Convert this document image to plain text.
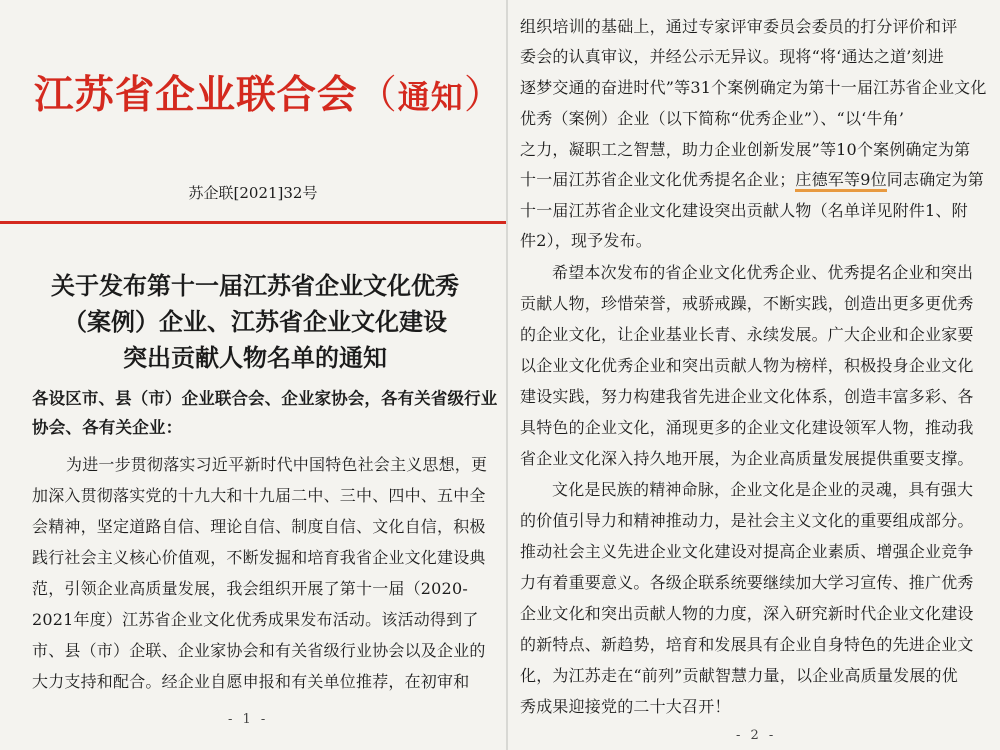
江苏省企业联合会（通知）
苏企联[2021]32号
关于发布第十一届江苏省企业文化优秀
（案例）企业、江苏省企业文化建设
突出贡献人物名单的通知
各设区市、县（市）企业联合会、企业家协会，各有关省级行业
协会、各有关企业：
为进一步贯彻落实习近平新时代中国特色社会主义思想，更
加深入贯彻落实党的十九大和十九届二中、三中、四中、五中全
会精神，坚定道路自信、理论自信、制度自信、文化自信，积极
践行社会主义核心价值观，不断发掘和培育我省企业文化建设典
范，引领企业高质量发展，我会组织开展了第十一届（2020-
2021年度）江苏省企业文化优秀成果发布活动。该活动得到了
市、县（市）企联、企业家协会和有关省级行业协会以及企业的
大力支持和配合。经企业自愿申报和有关单位推荐，在初审和
- 1 -
组织培训的基础上，通过专家评审委员会委员的打分评价和评
委会的认真审议，并经公示无异议。现将“将‘通达之道’刻进
逐梦交通的奋进时代”等31个案例确定为第十一届江苏省企业文化
优秀（案例）企业（以下简称“优秀企业”）、“以‘牛角’
之力，凝职工之智慧，助力企业创新发展”等10个案例确定为第
十一届江苏省企业文化优秀提名企业；庄德军等9位同志确定为第
十一届江苏省企业文化建设突出贡献人物（名单详见附件1、附
件2），现予发布。
希望本次发布的省企业文化优秀企业、优秀提名企业和突出
贡献人物，珍惜荣誉，戒骄戒躁，不断实践，创造出更多更优秀
的企业文化，让企业基业长青、永续发展。广大企业和企业家要
以企业文化优秀企业和突出贡献人物为榜样，积极投身企业文化
建设实践，努力构建我省先进企业文化体系，创造丰富多彩、各
具特色的企业文化，涌现更多的企业文化建设领军人物，推动我
省企业文化深入持久地开展，为企业高质量发展提供重要支撑。
文化是民族的精神命脉，企业文化是企业的灵魂，具有强大
的价值引导力和精神推动力，是社会主义文化的重要组成部分。
推动社会主义先进企业文化建设对提高企业素质、增强企业竞争
力有着重要意义。各级企联系统要继续加大学习宣传、推广优秀
企业文化和突出贡献人物的力度，深入研究新时代企业文化建设
的新特点、新趋势，培育和发展具有企业自身特色的先进企业文
化，为江苏走在“前列”贡献智慧力量，以企业高质量发展的优
秀成果迎接党的二十大召开！
- 2 -
